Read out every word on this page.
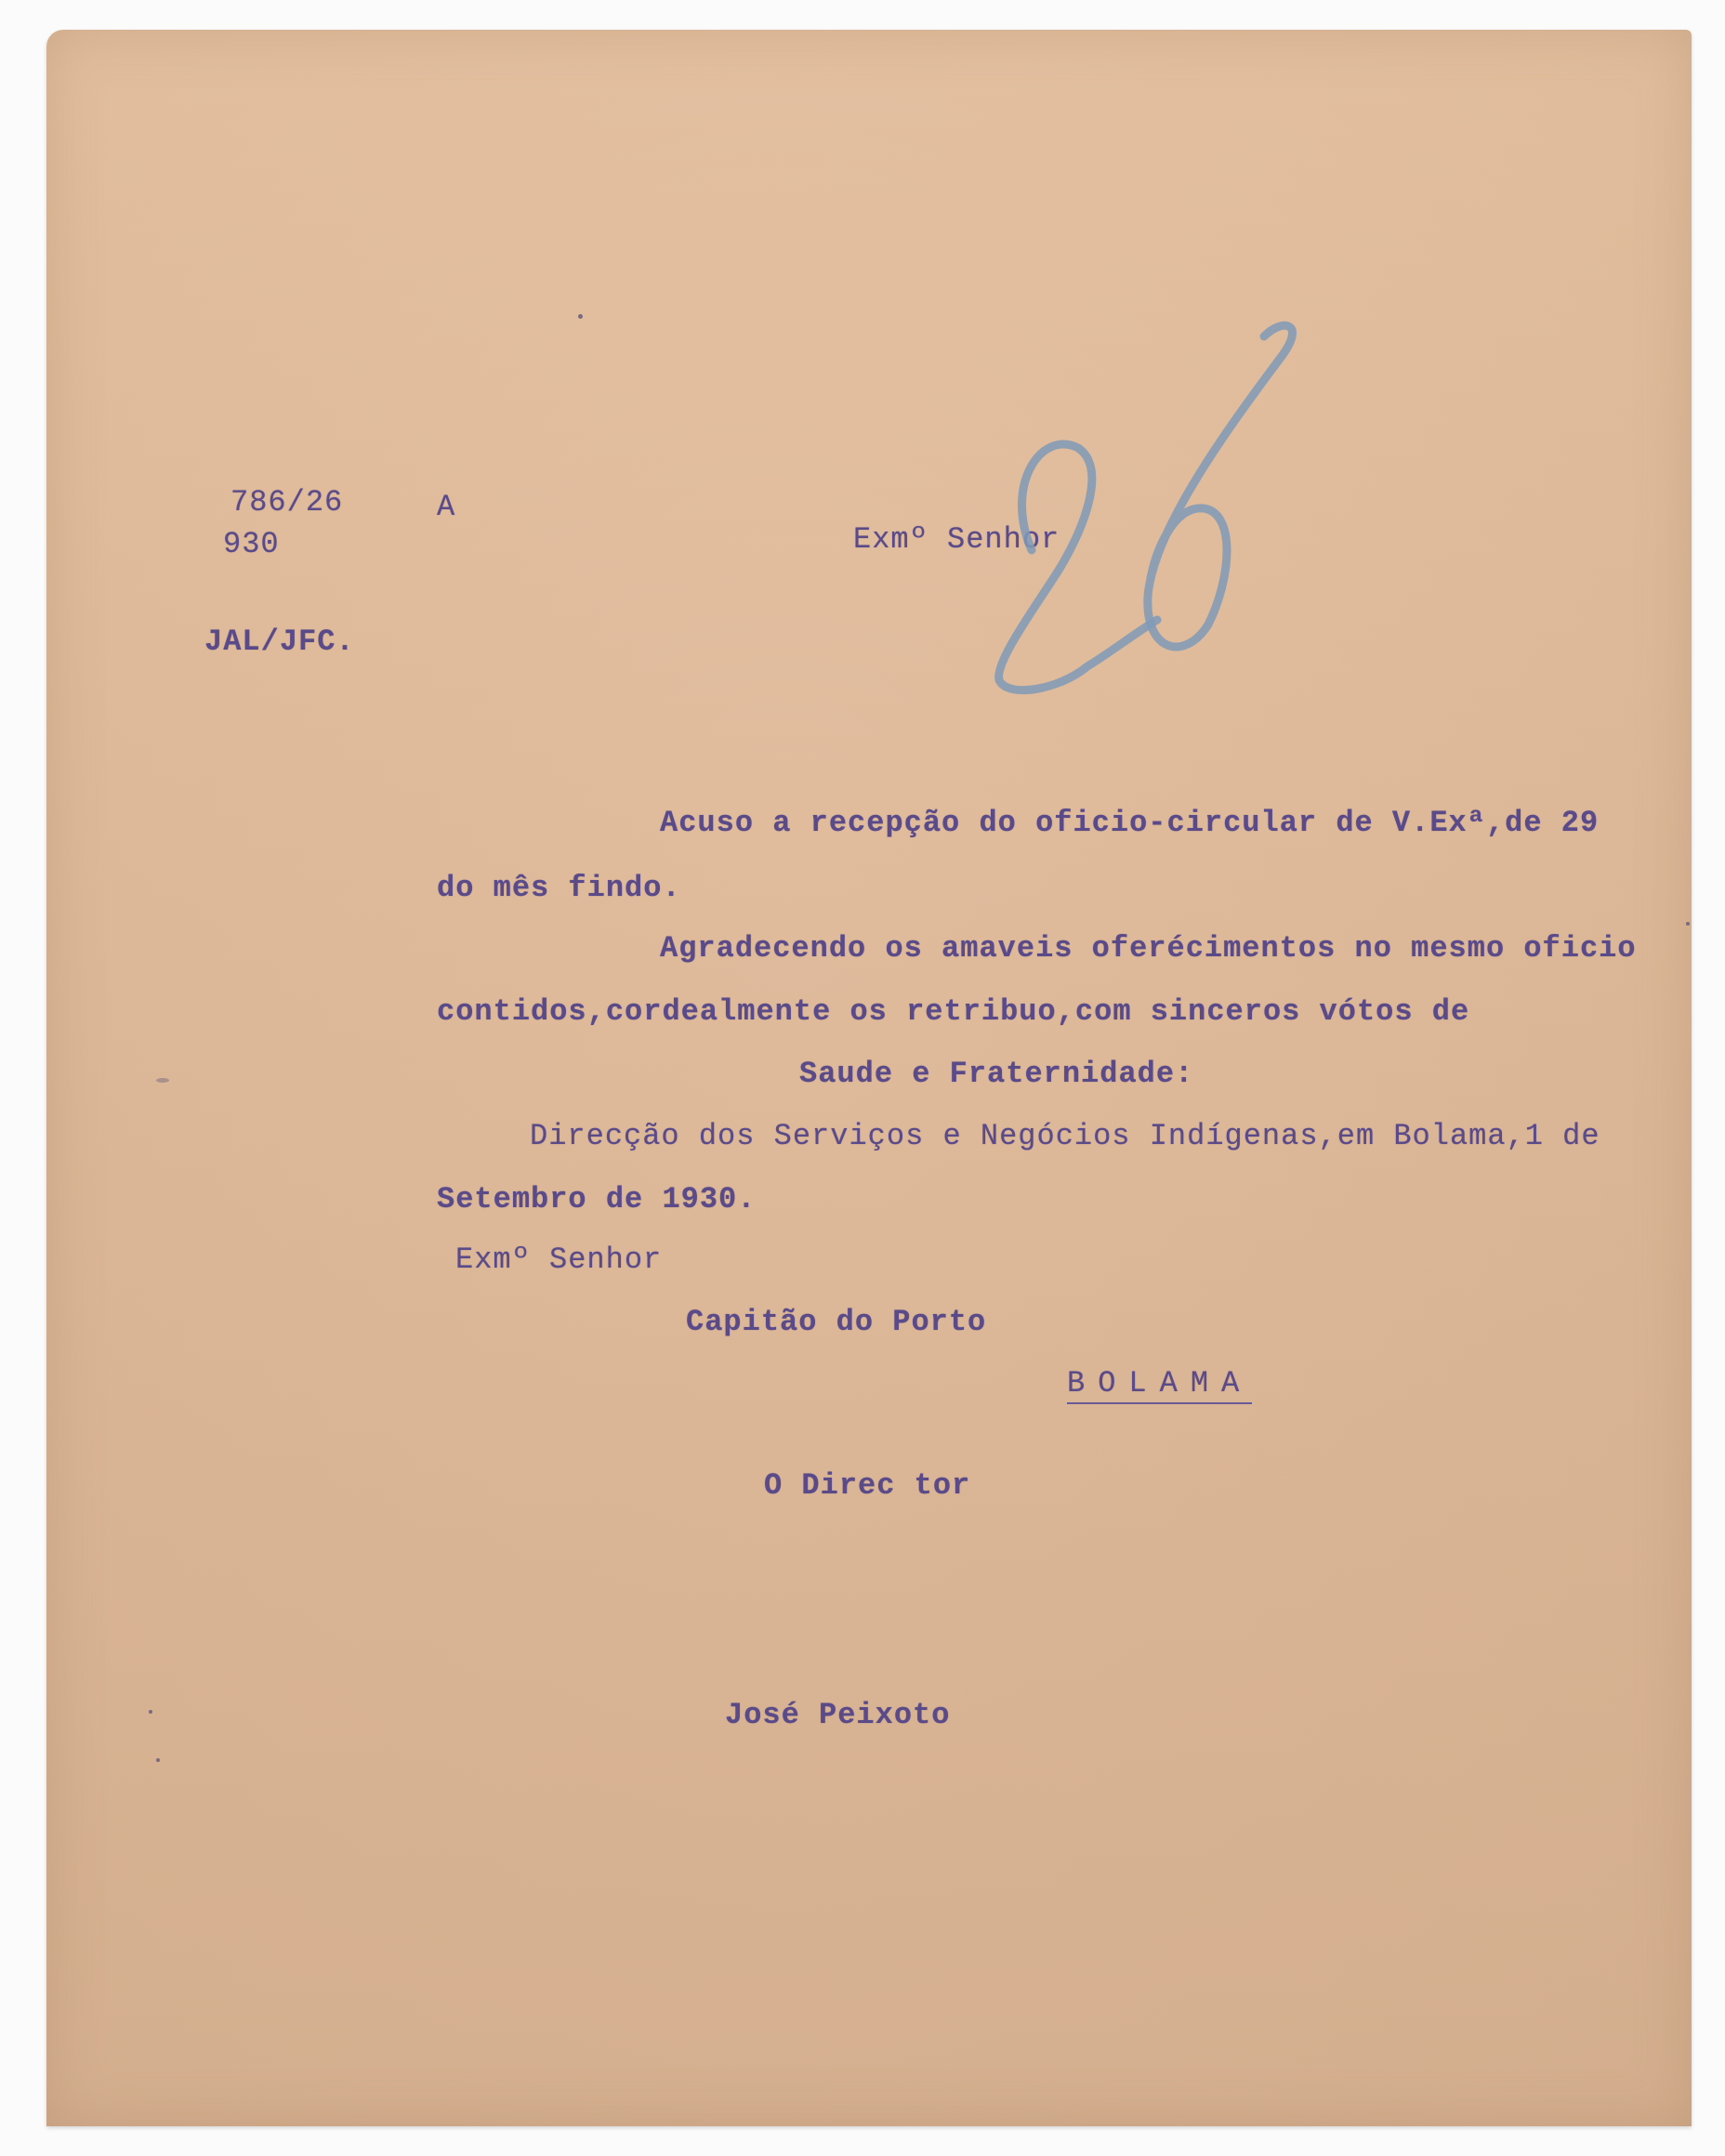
786/26
930
A
JAL/JFC.
Exmº Senhor
Acuso a recepção do oficio-circular de V.Exª,de 29
do mês findo.
Agradecendo os amaveis oferécimentos no mesmo oficio
contidos,cordealmente os retribuo,com sinceros vótos de
Saude e Fraternidade:
Direcção dos Serviços e Negócios Indígenas,em Bolama,1 de
Setembro de 1930.
Exmº Senhor
Capitão do Porto
BOLAMA
O Direc tor
José Peixoto
